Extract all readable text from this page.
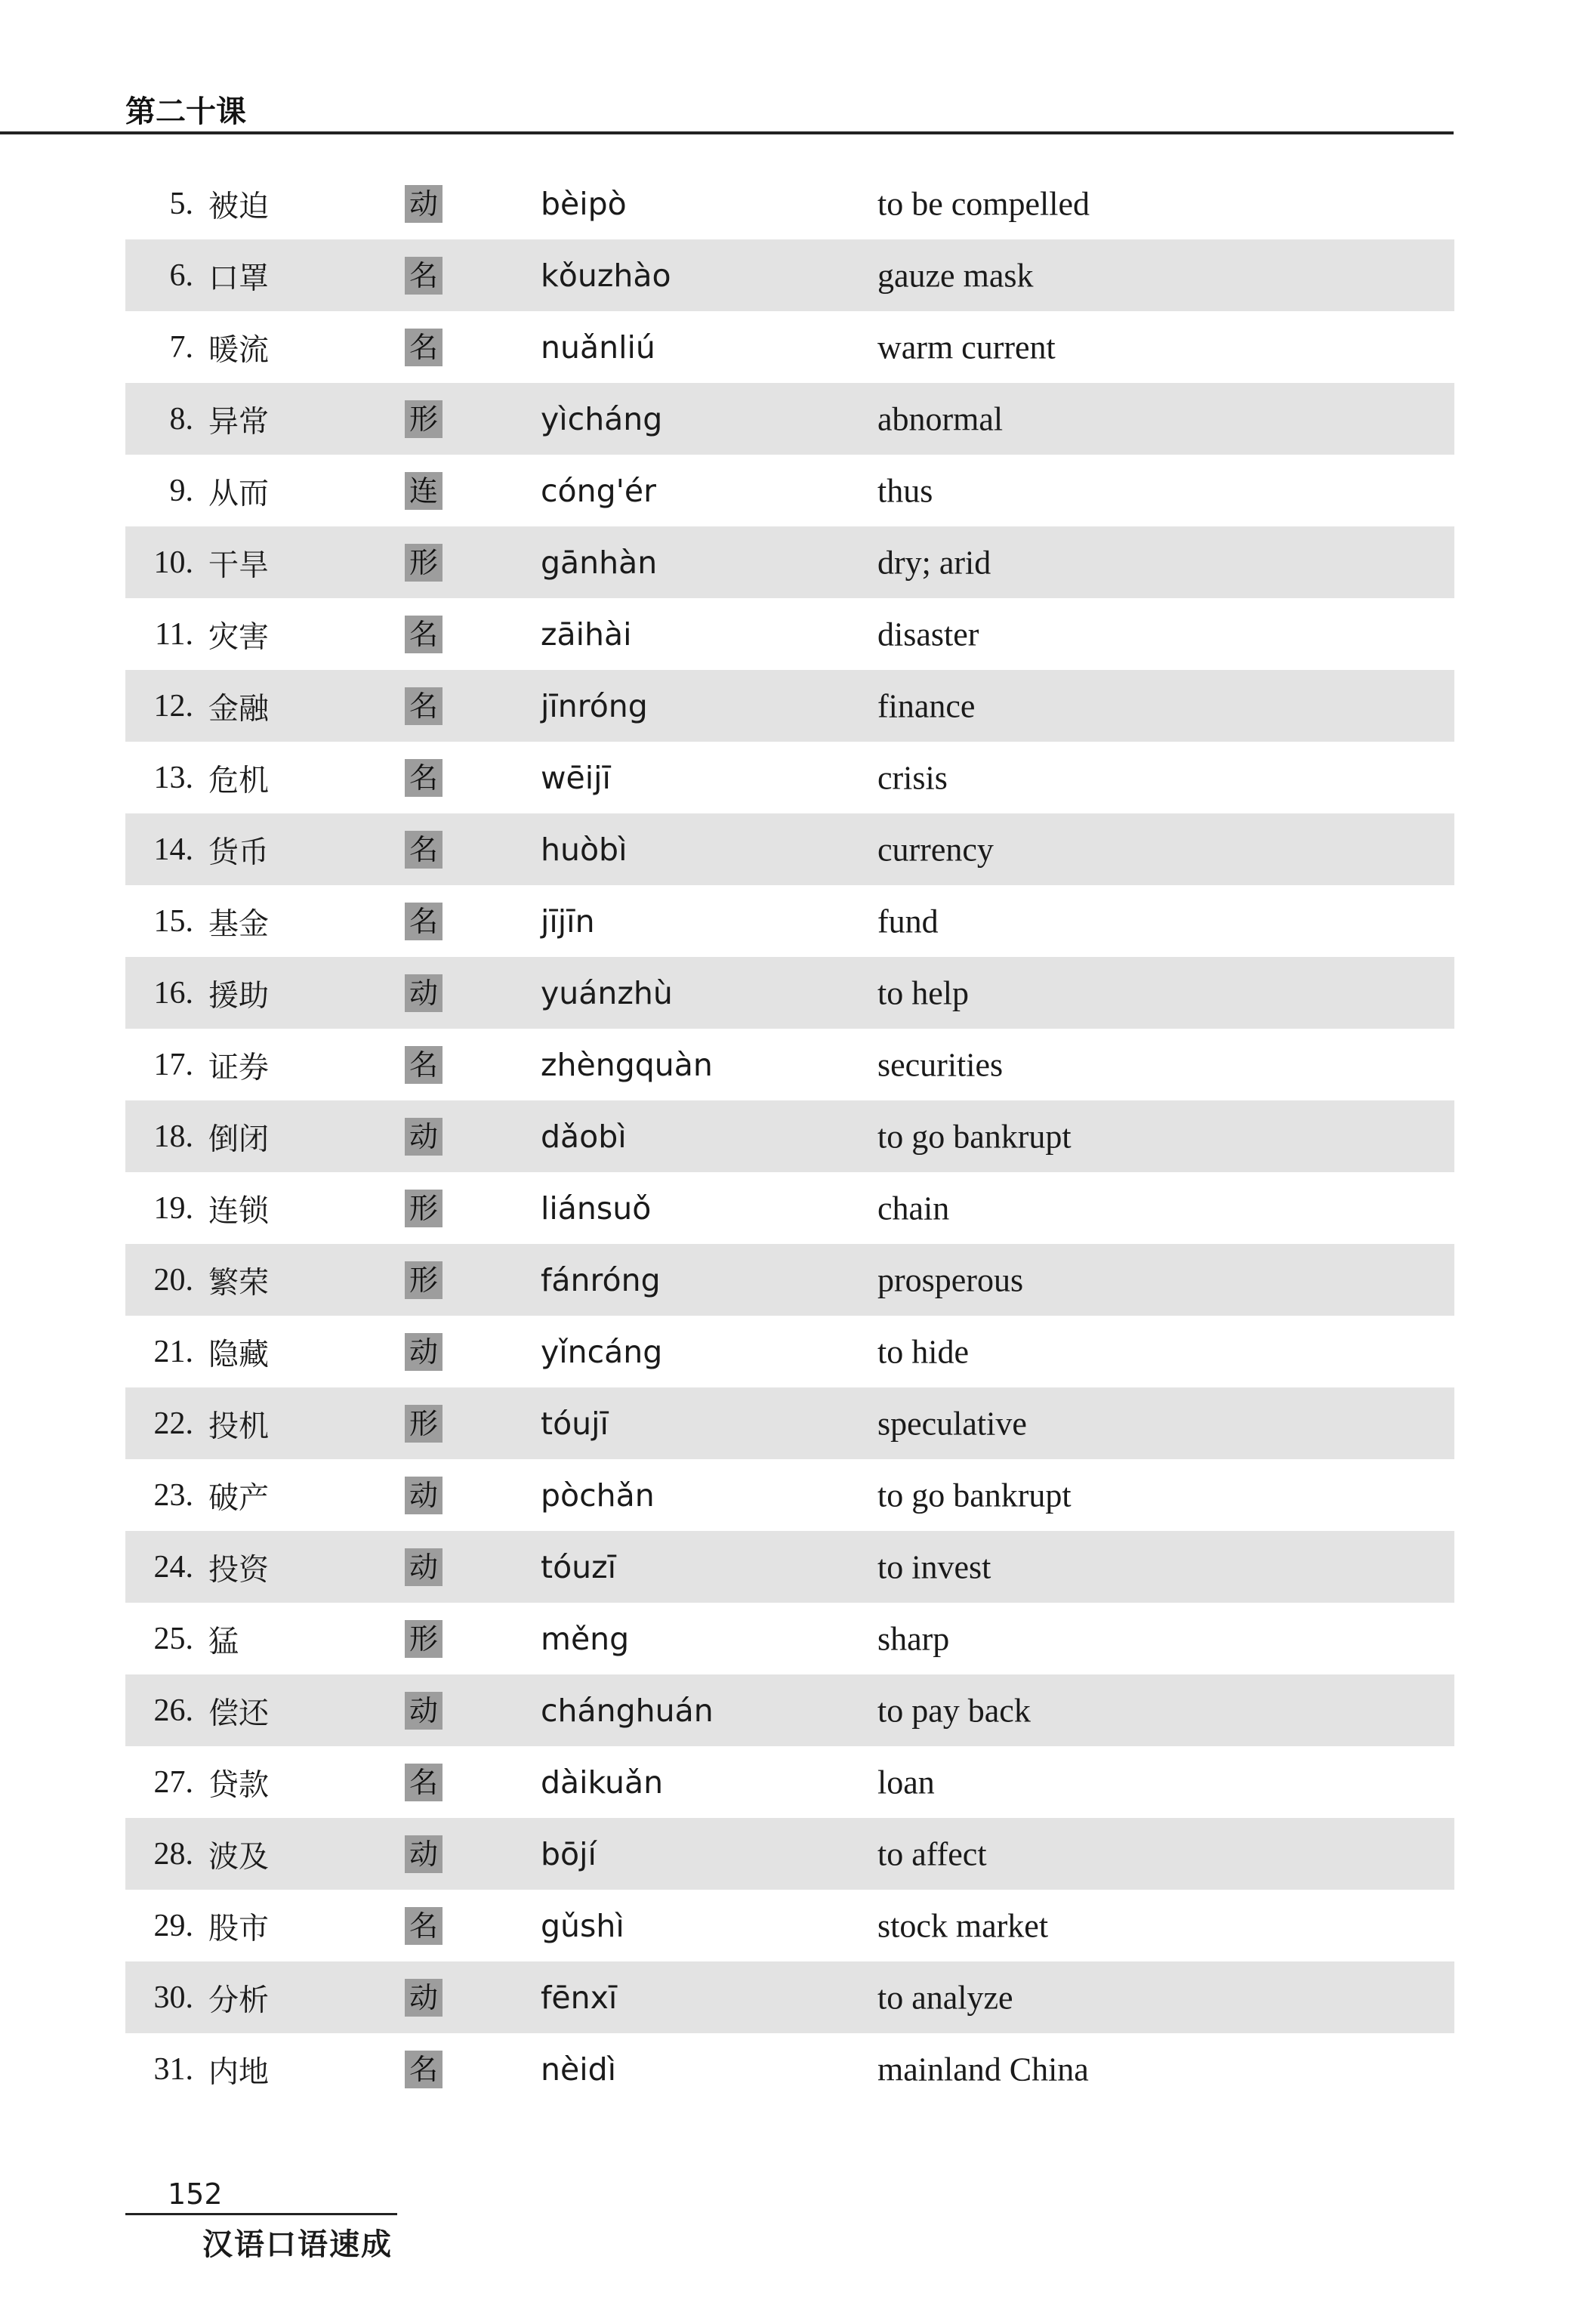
第二十课
5. 被迫	动	bèipò	to be compelled
6. 口罩	名	kǒuzhào	gauze mask
7. 暖流	名	nuǎnliú	warm current
8. 异常	形	yìcháng	abnormal
9. 从而	连	cóng'ér	thus
10. 干旱	形	gānhàn	dry; arid
11. 灾害	名	zāihài	disaster
12. 金融	名	jīnróng	finance
13. 危机	名	wēijī	crisis
14. 货币	名	huòbì	currency
15. 基金	名	jījīn	fund
16. 援助	动	yuánzhù	to help
17. 证券	名	zhèngquàn	securities
18. 倒闭	动	dǎobì	to go bankrupt
19. 连锁	形	liánsuǒ	chain
20. 繁荣	形	fánróng	prosperous
21. 隐藏	动	yǐncáng	to hide
22. 投机	形	tóujī	speculative
23. 破产	动	pòchǎn	to go bankrupt
24. 投资	动	tóuzī	to invest
25. 猛	形	měng	sharp
26. 偿还	动	chánghuán	to pay back
27. 贷款	名	dàikuǎn	loan
28. 波及	动	bōjí	to affect
29. 股市	名	gǔshì	stock market
30. 分析	动	fēnxī	to analyze
31. 内地	名	nèidì	mainland China
152
汉语口语速成
